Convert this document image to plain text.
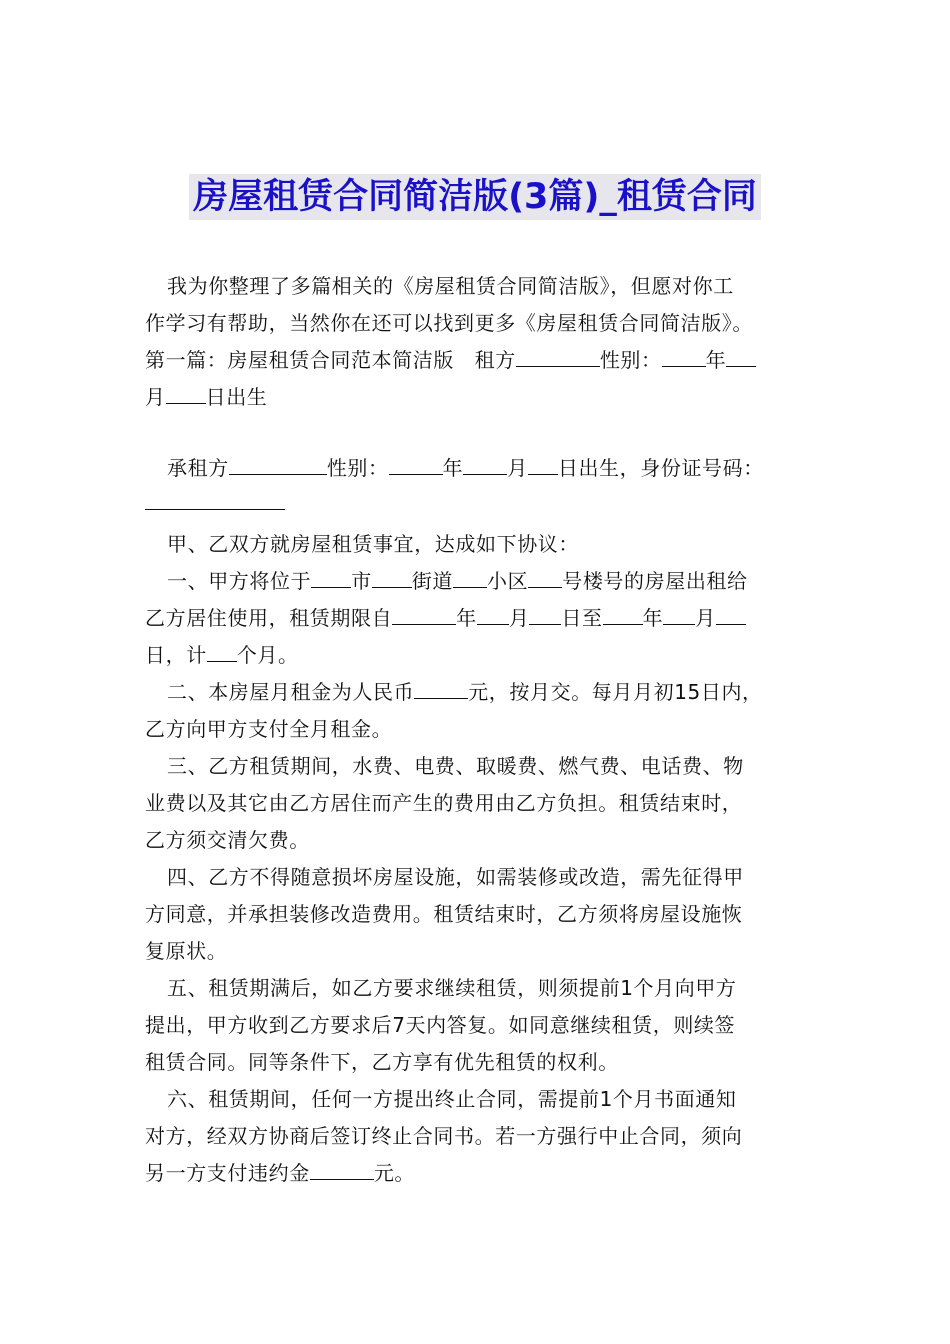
房屋租赁合同简洁版(3篇)_租赁合同

我为你整理了多篇相关的《房屋租赁合同简洁版》，但愿对你工

作学习有帮助，当然你在还可以找到更多《房屋租赁合同简洁版》。

第一篇：房屋租赁合同范本简洁版　租方	性别： 年

月 日出生

承租方	性别：	年 月 日出生，身份证号码：

甲、乙双方就房屋租赁事宜，达成如下协议：

一、甲方将位于 市 街道 小区 号楼号的房屋出租给

乙方居住使用，租赁期限自	年 月 日至 年 月

日，计 个月。

二、本房屋月租金为人民币	元，按月交。每月月初15日内，

乙方向甲方支付全月租金。

三、乙方租赁期间，水费、电费、取暖费、燃气费、电话费、物

业费以及其它由乙方居住而产生的费用由乙方负担。租赁结束时，

乙方须交清欠费。

四、乙方不得随意损坏房屋设施，如需装修或改造，需先征得甲

方同意，并承担装修改造费用。租赁结束时，乙方须将房屋设施恢

复原状。

五、租赁期满后，如乙方要求继续租赁，则须提前1个月向甲方

提出，甲方收到乙方要求后7天内答复。如同意继续租赁，则续签

租赁合同。同等条件下，乙方享有优先租赁的权利。

六、租赁期间，任何一方提出终止合同，需提前1个月书面通知

对方，经双方协商后签订终止合同书。若一方强行中止合同，须向

另一方支付违约金	元。
